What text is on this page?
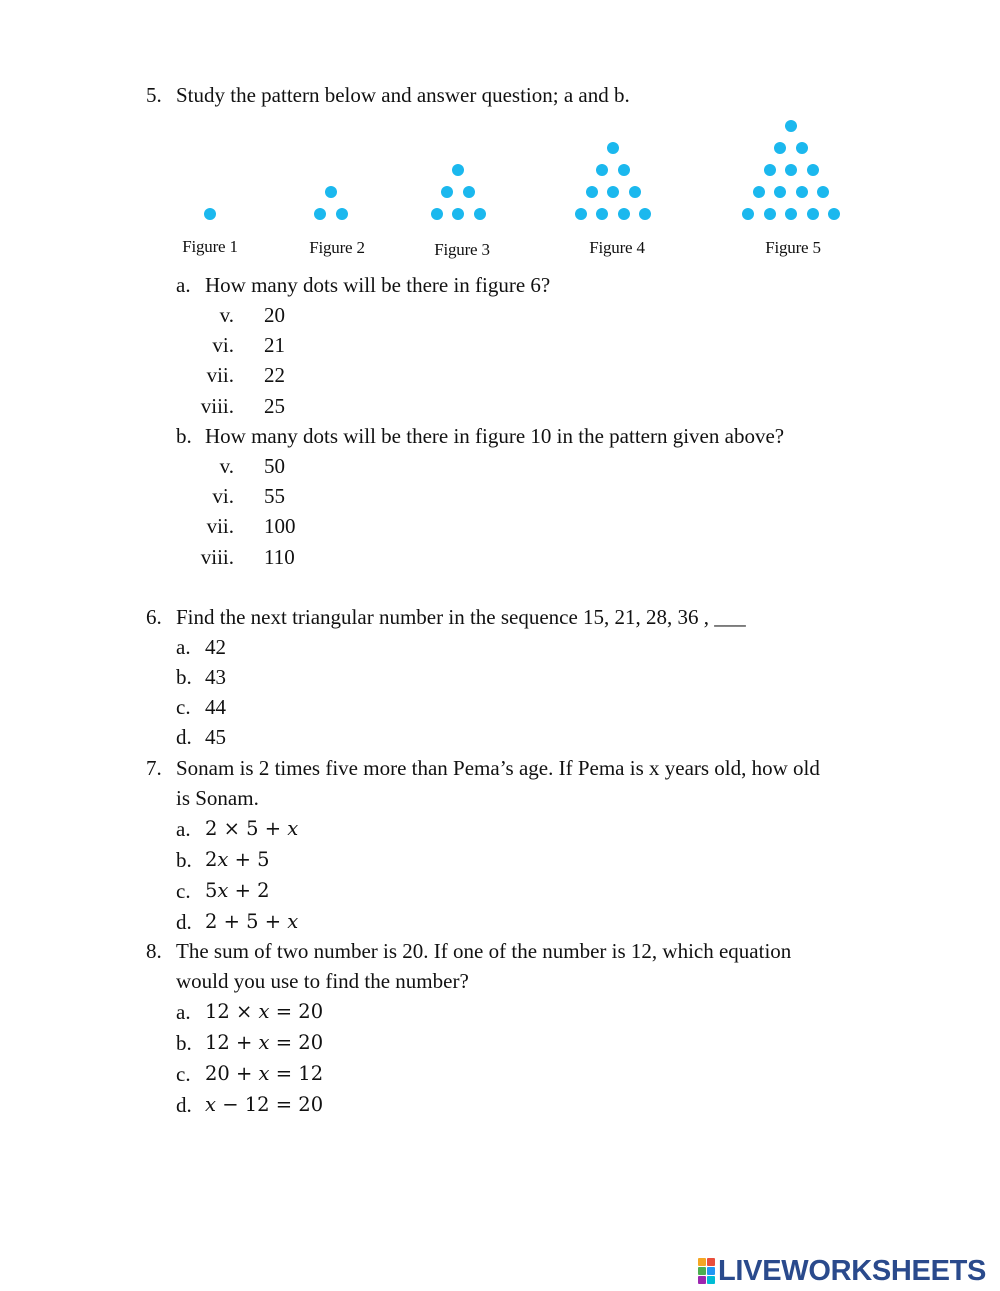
5. Study the pattern below and answer question; a and b.
Figure 1	Figure 2	Figure 3	Figure 4	Figure 5
a. How many dots will be there in figure 6?
v. 20
vi. 21
vii. 22
viii. 25
b. How many dots will be there in figure 10 in the pattern given above?
v. 50
vi. 55
vii. 100
viii. 110
6. Find the next triangular number in the sequence 15, 21, 28, 36 , ___
a. 42
b. 43
c. 44
d. 45
7. Sonam is 2 times five more than Pema’s age. If Pema is x years old, how old
is Sonam.
a. 2 × 5 + 𝑥
b. 2𝑥 + 5
c. 5𝑥 + 2
d. 2 + 5 + 𝑥
8. The sum of two number is 20. If one of the number is 12, which equation
would you use to find the number?
a. 12 × 𝑥 = 20
b. 12 + 𝑥 = 20
c. 20 + 𝑥 = 12
d. 𝑥 − 12 = 20
LIVEWORKSHEETS
